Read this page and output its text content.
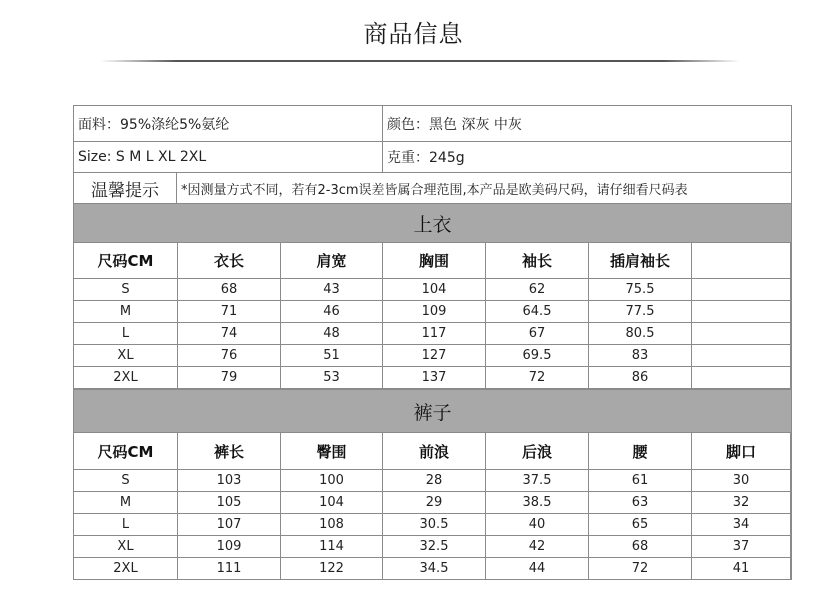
商品信息
面料：95%涤纶5%氨纶	颜色：黑色 深灰 中灰
Size: S M L XL 2XL	克重：245g
温馨提示	*因测量方式不同，若有2-3cm误差皆属合理范围,本产品是欧美码尺码，请仔细看尺码表
上衣
尺码CM	衣长	肩宽	胸围	袖长	插肩袖长	
S	68	43	104	62	75.5	
M	71	46	109	64.5	77.5	
L	74	48	117	67	80.5	
XL	76	51	127	69.5	83	
2XL	79	53	137	72	86	
裤子
尺码CM	裤长	臀围	前浪	后浪	腰	脚口
S	103	100	28	37.5	61	30
M	105	104	29	38.5	63	32
L	107	108	30.5	40	65	34
XL	109	114	32.5	42	68	37
2XL	111	122	34.5	44	72	41
